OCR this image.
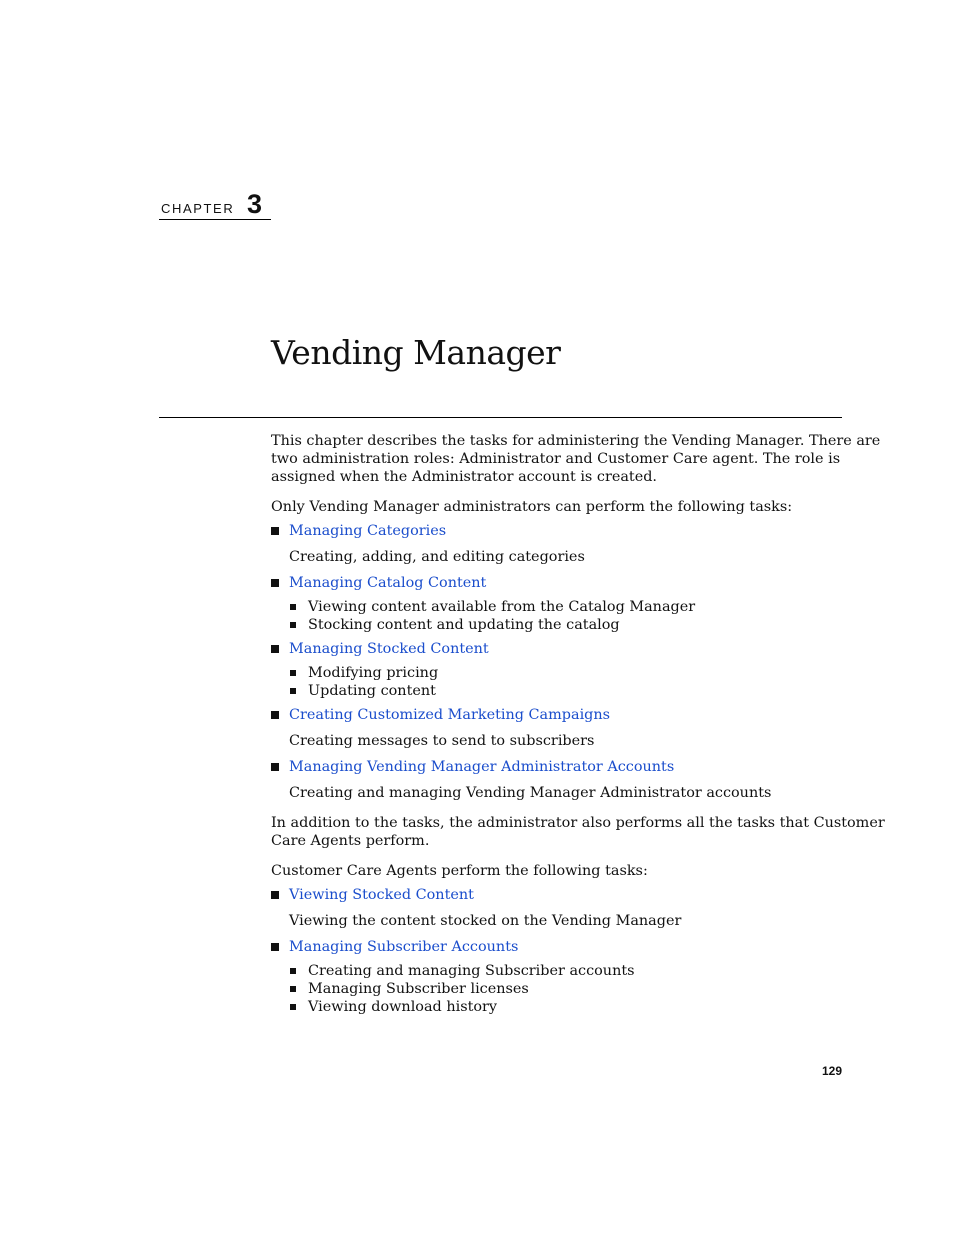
CHAPTER 3
Vending Manager
This chapter describes the tasks for administering the Vending Manager. There are
two administration roles: Administrator and Customer Care agent. The role is
assigned when the Administrator account is created.
Only Vending Manager administrators can perform the following tasks:
Managing Categories
Creating, adding, and editing categories
Managing Catalog Content
Viewing content available from the Catalog Manager
Stocking content and updating the catalog
Managing Stocked Content
Modifying pricing
Updating content
Creating Customized Marketing Campaigns
Creating messages to send to subscribers
Managing Vending Manager Administrator Accounts
Creating and managing Vending Manager Administrator accounts
In addition to the tasks, the administrator also performs all the tasks that Customer
Care Agents perform.
Customer Care Agents perform the following tasks:
Viewing Stocked Content
Viewing the content stocked on the Vending Manager
Managing Subscriber Accounts
Creating and managing Subscriber accounts
Managing Subscriber licenses
Viewing download history
129
